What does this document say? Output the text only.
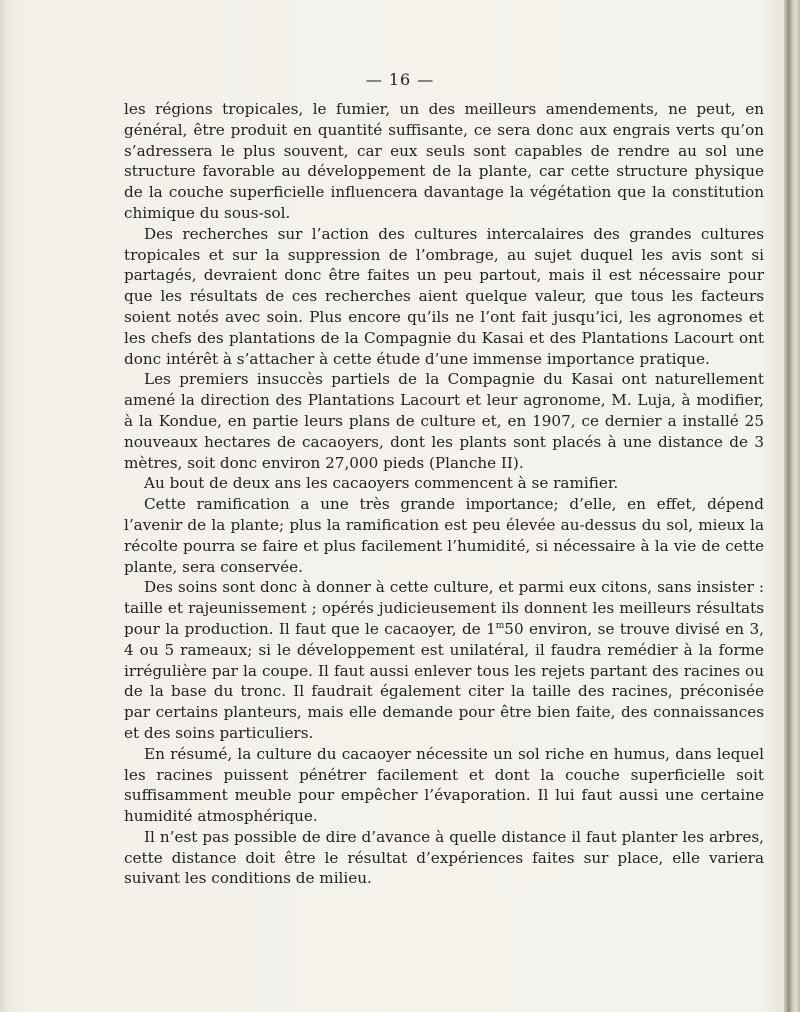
— 16 —

les régions tropicales, le fumier, un des meilleurs amendements, ne peut, en général, être produit en quantité suffisante, ce sera donc aux engrais verts qu’on s’adressera le plus souvent, car eux seuls sont capables de rendre au sol une structure favorable au développement de la plante, car cette structure physique de la couche superficielle influencera davantage la végétation que la constitution chimique du sous-sol.

Des recherches sur l’action des cultures intercalaires des grandes cultures tropicales et sur la suppression de l’ombrage, au sujet duquel les avis sont si partagés, devraient donc être faites un peu partout, mais il est nécessaire pour que les résultats de ces recherches aient quelque valeur, que tous les facteurs soient notés avec soin. Plus encore qu’ils ne l’ont fait jusqu’ici, les agronomes et les chefs des plantations de la Compagnie du Kasai et des Plantations Lacourt ont donc intérêt à s’attacher à cette étude d’une immense importance pratique.

Les premiers insuccès partiels de la Compagnie du Kasai ont naturellement amené la direction des Plantations Lacourt et leur agronome, M. Luja, à modifier, à la Kondue, en partie leurs plans de culture et, en 1907, ce dernier a installé 25 nouveaux hectares de cacaoyers, dont les plants sont placés à une distance de 3 mètres, soit donc environ 27,000 pieds (Planche II).

Au bout de deux ans les cacaoyers commencent à se ramifier.

Cette ramification a une très grande importance; d’elle, en effet, dépend l’avenir de la plante; plus la ramification est peu élevée au-dessus du sol, mieux la récolte pourra se faire et plus facilement l’humidité, si nécessaire à la vie de cette plante, sera conservée.

Des soins sont donc à donner à cette culture, et parmi eux citons, sans insister : taille et rajeunissement ; opérés judicieusement ils donnent les meilleurs résultats pour la production. Il faut que le cacaoyer, de 1$^m$50 environ, se trouve divisé en 3, 4 ou 5 rameaux; si le développement est unilatéral, il faudra remédier à la forme irrégulière par la coupe. Il faut aussi enlever tous les rejets partant des racines ou de la base du tronc. Il faudrait également citer la taille des racines, préconisée par certains planteurs, mais elle demande pour être bien faite, des connaissances et des soins particuliers.

En résumé, la culture du cacaoyer nécessite un sol riche en humus, dans lequel les racines puissent pénétrer facilement et dont la couche superficielle soit suffisamment meuble pour empêcher l’évaporation. Il lui faut aussi une certaine humidité atmosphérique.

Il n’est pas possible de dire d’avance à quelle distance il faut planter les arbres, cette distance doit être le résultat d’expériences faites sur place, elle variera suivant les conditions de milieu.
